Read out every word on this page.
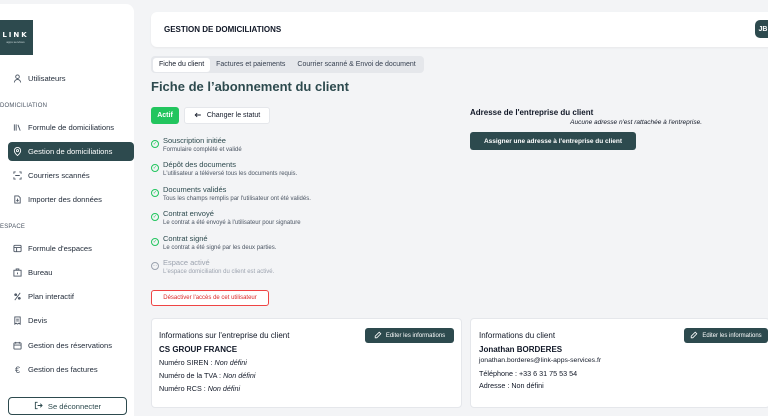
LINK
apps services
Utilisateurs
DOMICILIATION
Formule de domiciliations
Gestion de domiciliations
Courriers scannés
Importer des données
ESPACE
Formule d'espaces
Bureau
Plan interactif
Devis
Gestion des réservations
€	Gestion des factures
Se déconnecter
GESTION DE DOMICILIATIONS	JB
Fiche du client	Factures et paiements	Courrier scanné & Envoi de document
Fiche de l’abonnement du client
Actif	Changer le statut
✓ Souscription initiée
Formulaire complété et validé
✓ Dépôt des documents
L'utilisateur a téléversé tous les documents requis.
✓ Documents validés
Tous les champs remplis par l'utilisateur ont été validés.
✓ Contrat envoyé
Le contrat a été envoyé à l'utilisateur pour signature
✓ Contrat signé
Le contrat a été signé par les deux parties.
⋯ Espace activé
L'espace domiciliation du client est activé.
Désactiver l'accès de cet utilisateur
Adresse de l'entreprise du client
Aucune adresse n'est rattachée à l'entreprise.
Assigner une adresse à l'entreprise du client
Informations sur l'entreprise du client	Editer les informations
CS GROUP FRANCE
Numéro SIREN : Non défini
Numéro de la TVA : Non défini
Numéro RCS : Non défini
Informations du client	Editer les informations
Jonathan BORDERES
jonathan.borderes@link-apps-services.fr
Téléphone : +33 6 31 75 53 54
Adresse : Non défini
